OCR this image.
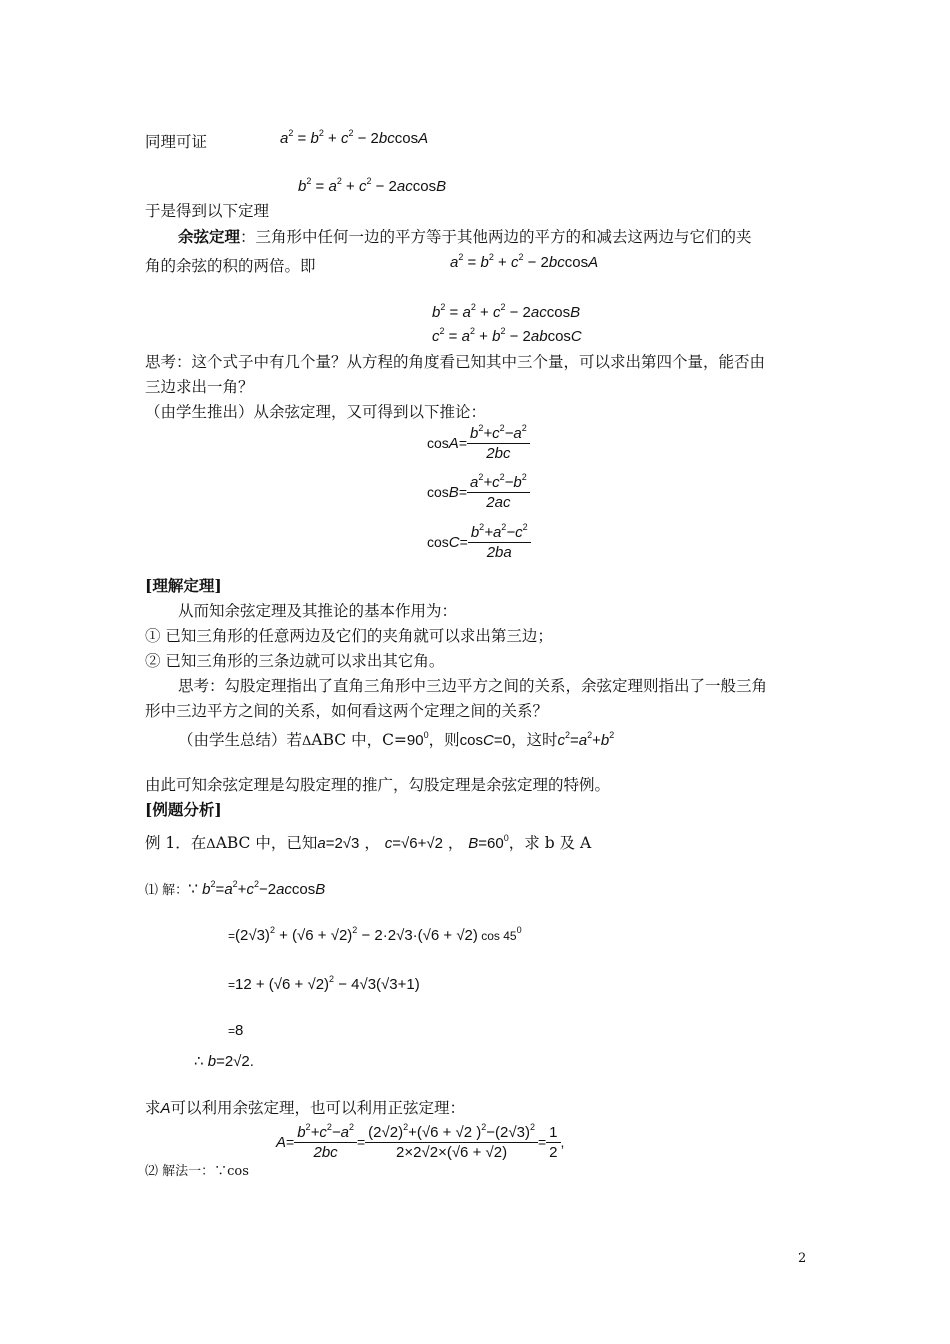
同理可证	$a^2 = b^2 + c^2 - 2bccosA$
$b^2 = a^2 + c^2 - 2accosB$
于是得到以下定理
余弦定理：三角形中任何一边的平方等于其他两边的平方的和减去这两边与它们的夹
角的余弦的积的两倍。即	$a^2 = b^2 + c^2 - 2bccosA$
$b^2 = a^2 + c^2 - 2accosB$
$c^2 = a^2 + b^2 - 2abcosC$
思考：这个式子中有几个量？从方程的角度看已知其中三个量，可以求出第四个量，能否由
三边求出一角？
（由学生推出）从余弦定理，又可得到以下推论：
$\cos A= \frac{b^2+c^2-a^2}{2bc}$
$\cos B= \frac{a^2+c^2-b^2}{2ac}$
$\cos C= \frac{b^2+a^2-c^2}{2ba}$
[理解定理]
从而知余弦定理及其推论的基本作用为：
① 已知三角形的任意两边及它们的夹角就可以求出第三边；
② 已知三角形的三条边就可以求出其它角。
思考：勾股定理指出了直角三角形中三边平方之间的关系，余弦定理则指出了一般三角
形中三边平方之间的关系，如何看这两个定理之间的关系？
（由学生总结）若ΔABC 中，$C=90^0$，则cosC=0，这时$c^2=a^2+b^2$
由此可知余弦定理是勾股定理的推广，勾股定理是余弦定理的特例。
[例题分析]
例 1．在ΔABC 中，已知a=2√3 ， c=√6+√2 ， $B=60^0$，求 b 及 A
⑴ 解：∵ $b^2=a^2+c^2-2accosB$
$=(2√3)^2 + (√6 + √2)^2 - 2\cdot 2√3\cdot(√6 + √2)$ $\cos 45^0$
$=12 + (√6 + √2)^2 - 4√3(√3+1)$
=8
∴ b=2√2.
求A可以利用余弦定理，也可以利用正弦定理：
⑵ 解法一：∵cos
$A= \frac{b^2+c^2-a^2}{2bc} = \frac{(2√2)^2+(√6 + √2 )^2-(2√3)^2}{2\times 2√2\times(√6 + √2)} = \frac{1}{2}$ ,
2
